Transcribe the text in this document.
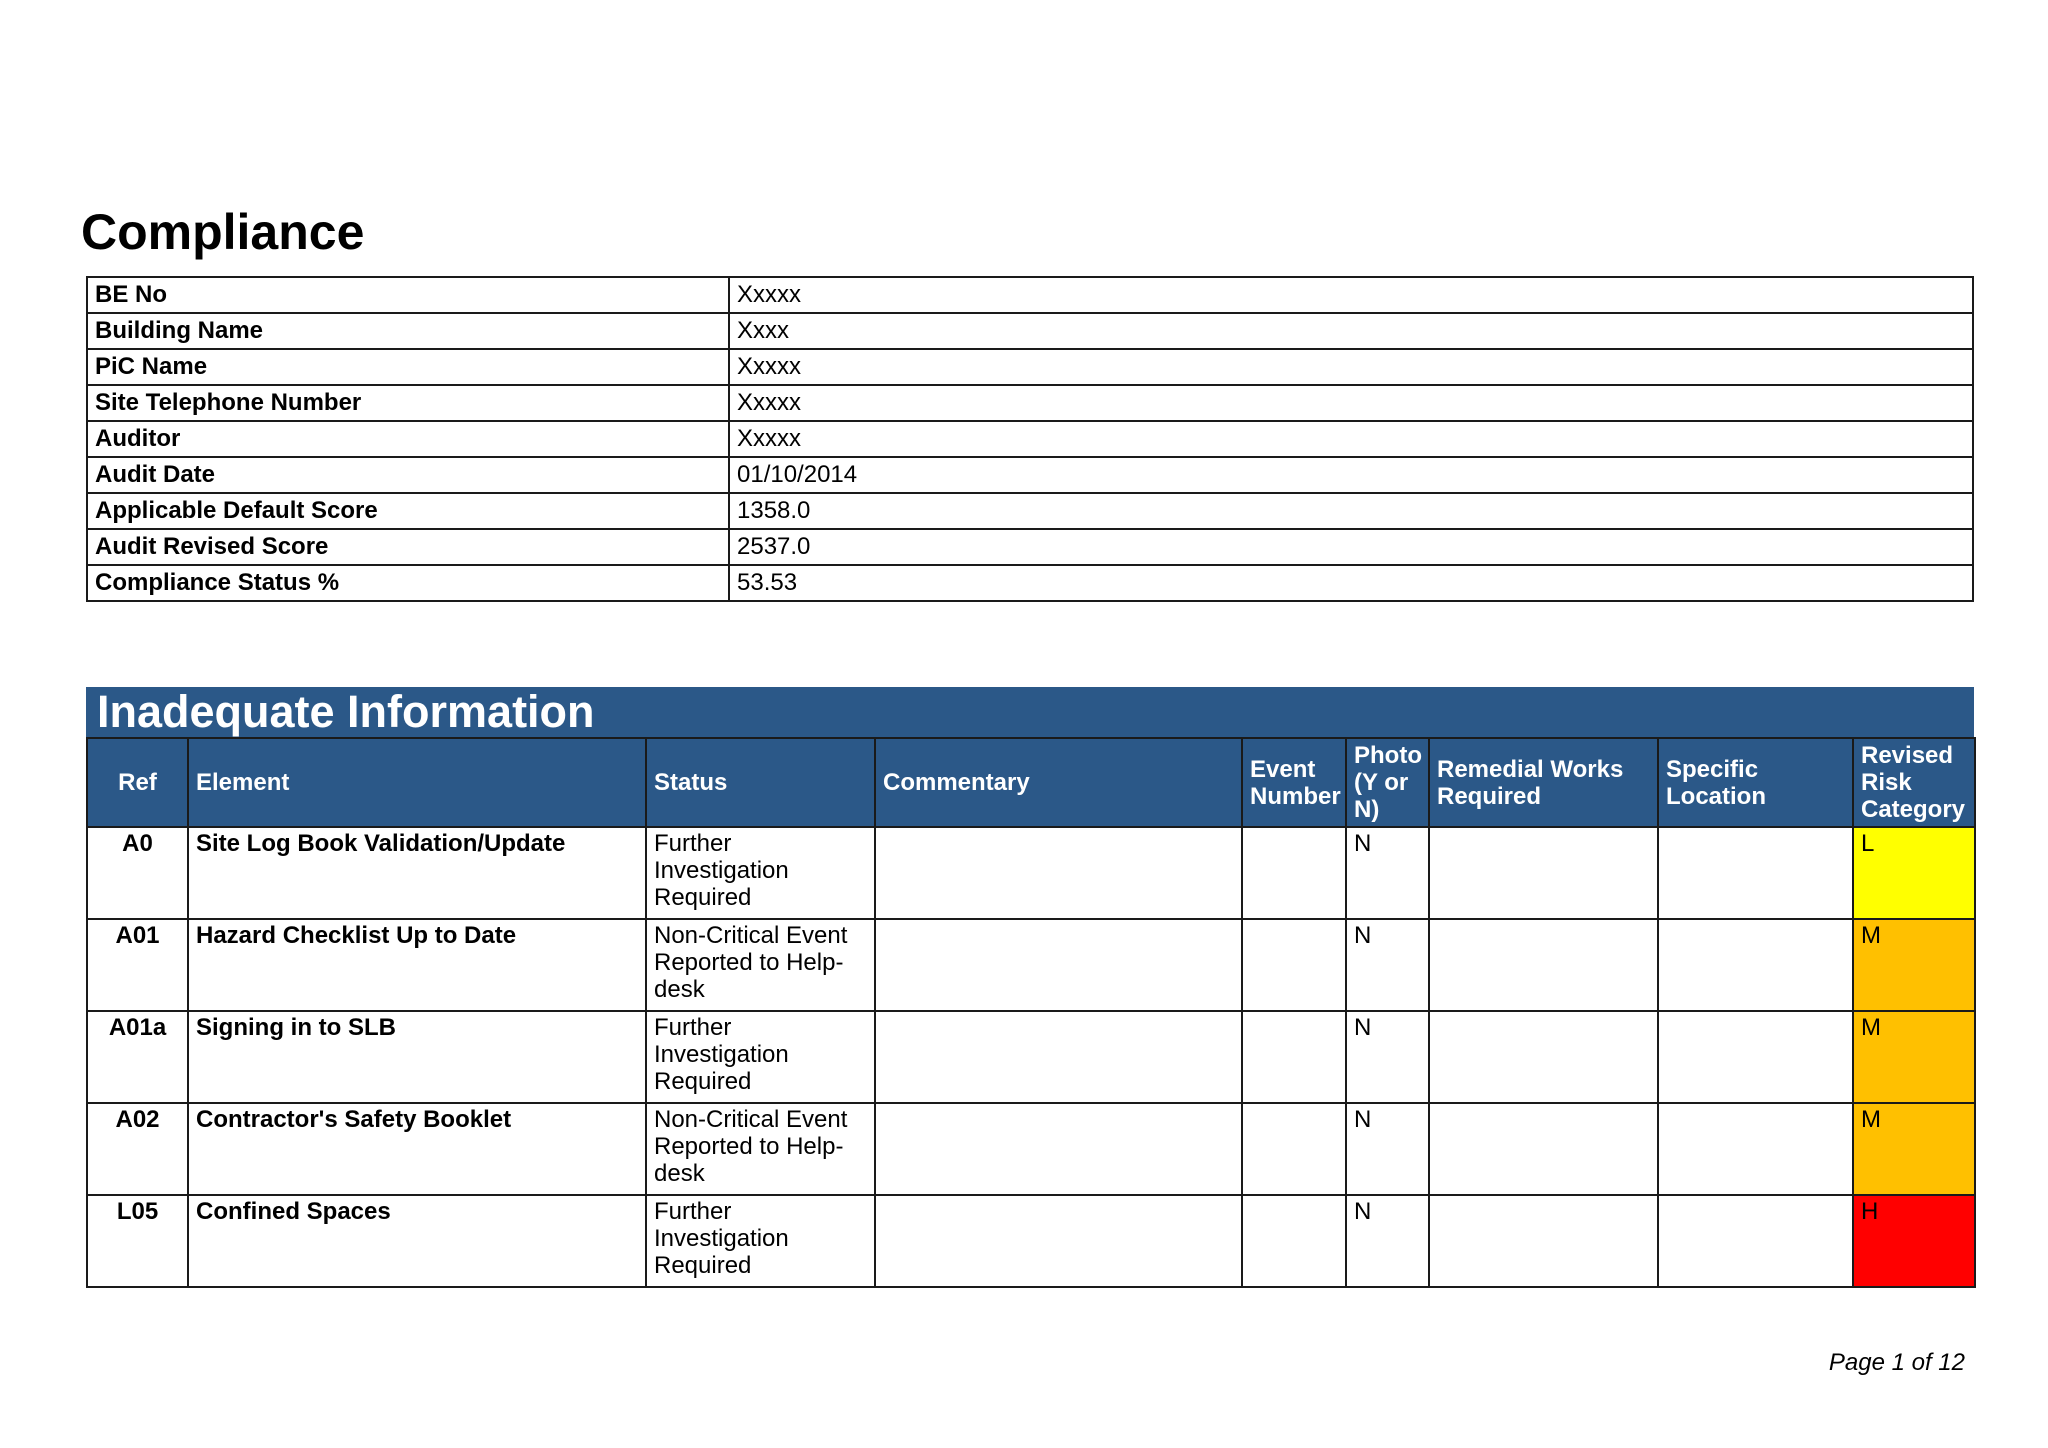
Compliance
BE No	Xxxxx
Building Name	Xxxx
PiC Name	Xxxxx
Site Telephone Number	Xxxxx
Auditor	Xxxxx
Audit Date	01/10/2014
Applicable Default Score	1358.0
Audit Revised Score	2537.0
Compliance Status %	53.53
Inadequate Information
Ref	Element	Status	Commentary	Event Number	Photo (Y or N)	Remedial Works Required	Specific Location	Revised Risk Category
A0	Site Log Book Validation/Update	Further Investigation Required			N			L
A01	Hazard Checklist Up to Date	Non-Critical Event Reported to Help-desk			N			M
A01a	Signing in to SLB	Further Investigation Required			N			M
A02	Contractor's Safety Booklet	Non-Critical Event Reported to Help-desk			N			M
L05	Confined Spaces	Further Investigation Required			N			H
Page 1 of 12
